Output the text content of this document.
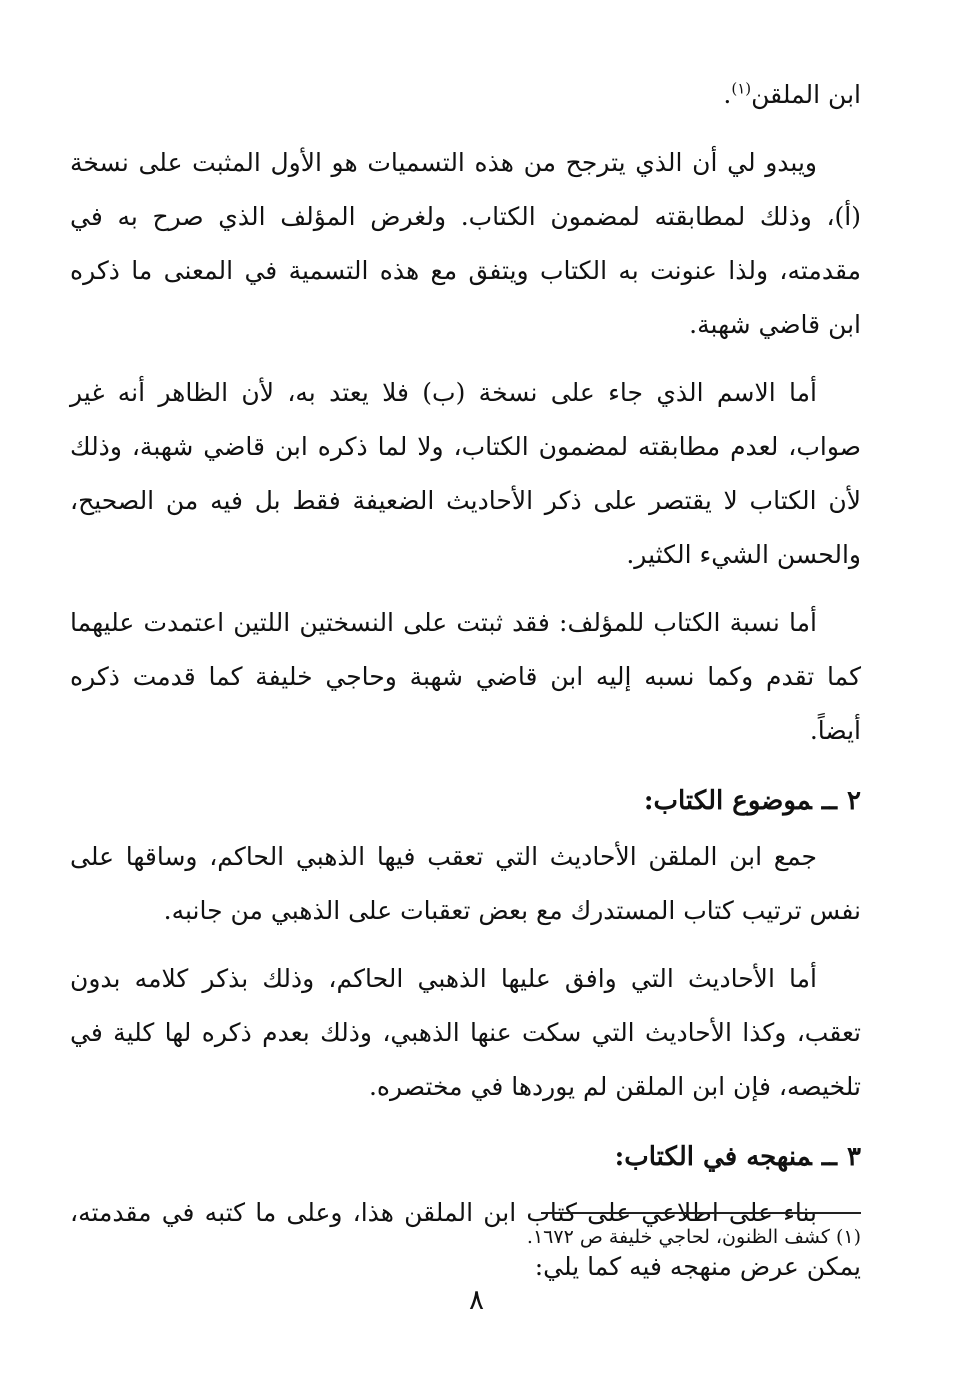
ابن الملقن$^{(١)}$.

ويبدو لي أن الذي يترجح من هذه التسميات هو الأول المثبت على نسخة (أ)، وذلك لمطابقته لمضمون الكتاب. ولغرض المؤلف الذي صرح به في مقدمته، ولذا عنونت به الكتاب ويتفق مع هذه التسمية في المعنى ما ذكره ابن قاضي شهبة.

أما الاسم الذي جاء على نسخة (ب) فلا يعتد به، لأن الظاهر أنه غير صواب، لعدم مطابقته لمضمون الكتاب، ولا لما ذكره ابن قاضي شهبة، وذلك لأن الكتاب لا يقتصر على ذكر الأحاديث الضعيفة فقط بل فيه من الصحيح، والحسن الشيء الكثير.

أما نسبة الكتاب للمؤلف: فقد ثبتت على النسختين اللتين اعتمدت عليهما كما تقدم وكما نسبه إليه ابن قاضي شهبة وحاجي خليفة كما قدمت ذكره أيضاً.

٢ــموضوع الكتاب:

جمع ابن الملقن الأحاديث التي تعقب فيها الذهبي الحاكم، وساقها على نفس ترتيب كتاب المستدرك مع بعض تعقبات على الذهبي من جانبه.

أما الأحاديث التي وافق عليها الذهبي الحاكم، وذلك بذكر كلامه بدون تعقب، وكذا الأحاديث التي سكت عنها الذهبي، وذلك بعدم ذكره لها كلية في تلخيصه، فإن ابن الملقن لم يوردها في مختصره.

٣ــمنهجه في الكتاب:

بناء على اطلاعي على كتاب ابن الملقن هذا، وعلى ما كتبه في مقدمته، يمكن عرض منهجه فيه كما يلي:

(١) كشف الظنون، لحاجي خليفة ص ١٦٧٢.
٨
